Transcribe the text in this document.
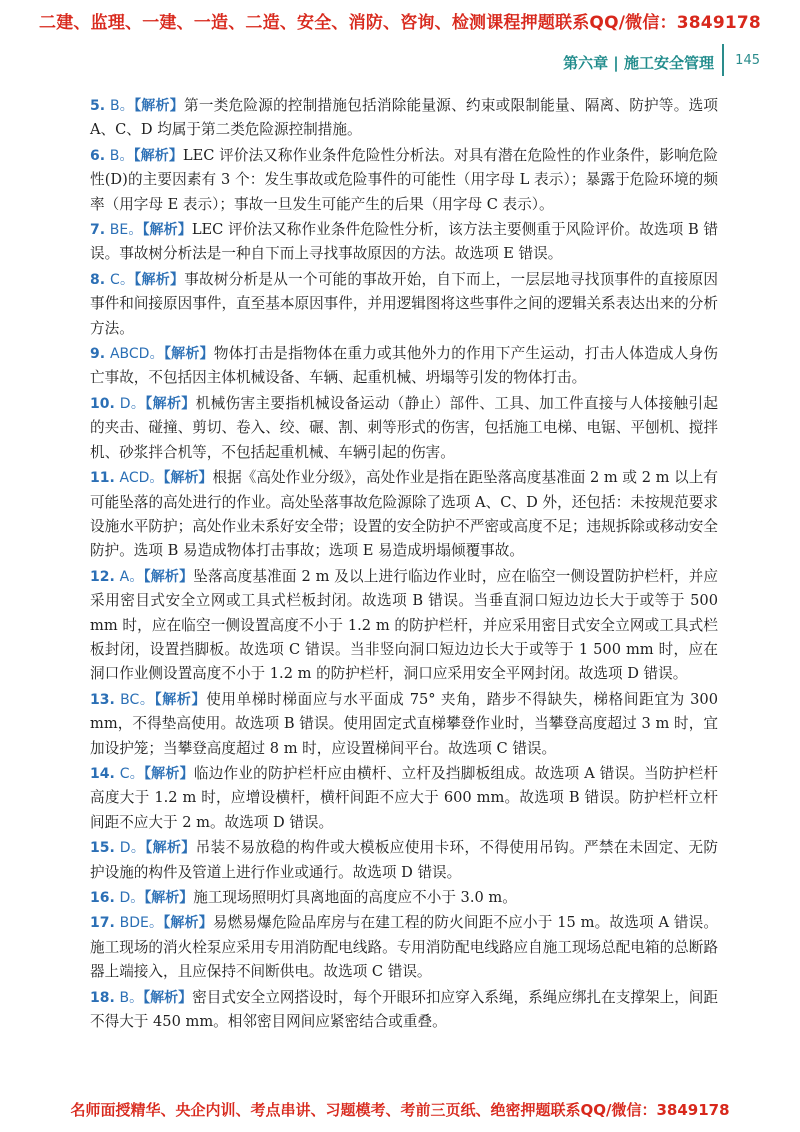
二建、监理、一建、一造、二造、安全、消防、咨询、检测课程押题联系QQ/微信：3849178
第六章 | 施工安全管理 145

5. B。【解析】第一类危险源的控制措施包括消除能量源、约束或限制能量、隔离、防护等。选项 A、C、D 均属于第二类危险源控制措施。

6. B。【解析】LEC 评价法又称作业条件危险性分析法。对具有潜在危险性的作业条件，影响危险性(D)的主要因素有 3 个：发生事故或危险事件的可能性（用字母 L 表示）；暴露于危险环境的频率（用字母 E 表示）；事故一旦发生可能产生的后果（用字母 C 表示）。

7. BE。【解析】LEC 评价法又称作业条件危险性分析，该方法主要侧重于风险评价。故选项 B 错误。事故树分析法是一种自下而上寻找事故原因的方法。故选项 E 错误。

8. C。【解析】事故树分析是从一个可能的事故开始，自下而上，一层层地寻找顶事件的直接原因事件和间接原因事件，直至基本原因事件，并用逻辑图将这些事件之间的逻辑关系表达出来的分析方法。

9. ABCD。【解析】物体打击是指物体在重力或其他外力的作用下产生运动，打击人体造成人身伤亡事故，不包括因主体机械设备、车辆、起重机械、坍塌等引发的物体打击。

10. D。【解析】机械伤害主要指机械设备运动（静止）部件、工具、加工件直接与人体接触引起的夹击、碰撞、剪切、卷入、绞、碾、割、刺等形式的伤害，包括施工电梯、电锯、平刨机、搅拌机、砂浆拌合机等，不包括起重机械、车辆引起的伤害。

11. ACD。【解析】根据《高处作业分级》，高处作业是指在距坠落高度基准面 2 m 或 2 m 以上有可能坠落的高处进行的作业。高处坠落事故危险源除了选项 A、C、D 外，还包括：未按规范要求设施水平防护；高处作业未系好安全带；设置的安全防护不严密或高度不足；违规拆除或移动安全防护。选项 B 易造成物体打击事故；选项 E 易造成坍塌倾覆事故。

12. A。【解析】坠落高度基准面 2 m 及以上进行临边作业时，应在临空一侧设置防护栏杆，并应采用密目式安全立网或工具式栏板封闭。故选项 B 错误。当垂直洞口短边边长大于或等于 500 mm 时，应在临空一侧设置高度不小于 1.2 m 的防护栏杆，并应采用密目式安全立网或工具式栏板封闭，设置挡脚板。故选项 C 错误。当非竖向洞口短边边长大于或等于 1 500 mm 时，应在洞口作业侧设置高度不小于 1.2 m 的防护栏杆，洞口应采用安全平网封闭。故选项 D 错误。

13. BC。【解析】使用单梯时梯面应与水平面成 75° 夹角，踏步不得缺失，梯格间距宜为 300 mm，不得垫高使用。故选项 B 错误。使用固定式直梯攀登作业时，当攀登高度超过 3 m 时，宜加设护笼；当攀登高度超过 8 m 时，应设置梯间平台。故选项 C 错误。

14. C。【解析】临边作业的防护栏杆应由横杆、立杆及挡脚板组成。故选项 A 错误。当防护栏杆高度大于 1.2 m 时，应增设横杆，横杆间距不应大于 600 mm。故选项 B 错误。防护栏杆立杆间距不应大于 2 m。故选项 D 错误。

15. D。【解析】吊装不易放稳的构件或大模板应使用卡环，不得使用吊钩。严禁在未固定、无防护设施的构件及管道上进行作业或通行。故选项 D 错误。

16. D。【解析】施工现场照明灯具离地面的高度应不小于 3.0 m。

17. BDE。【解析】易燃易爆危险品库房与在建工程的防火间距不应小于 15 m。故选项 A 错误。施工现场的消火栓泵应采用专用消防配电线路。专用消防配电线路应自施工现场总配电箱的总断路器上端接入，且应保持不间断供电。故选项 C 错误。

18. B。【解析】密目式安全立网搭设时，每个开眼环扣应穿入系绳，系绳应绑扎在支撑架上，间距不得大于 450 mm。相邻密目网间应紧密结合或重叠。

名师面授精华、央企内训、考点串讲、习题模考、考前三页纸、绝密押题联系QQ/微信：3849178
